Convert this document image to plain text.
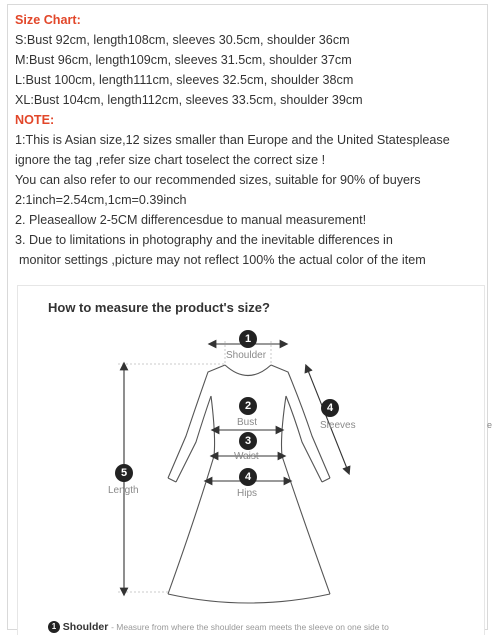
Size Chart:
S:Bust 92cm, length108cm, sleeves 30.5cm, shoulder 36cm
M:Bust 96cm, length109cm, sleeves 31.5cm, shoulder 37cm
L:Bust 100cm, length111cm, sleeves 32.5cm, shoulder 38cm
XL:Bust 104cm, length112cm, sleeves 33.5cm, shoulder 39cm
NOTE:
1:This is Asian size,12 sizes smaller than Europe and the United Statesplease
ignore the tag ,refer size chart toselect the correct size !
You can also refer to our recommended sizes, suitable for 90% of buyers
2:1inch=2.54cm,1cm=0.39inch
2. Pleaseallow 2-5CM differencesdue to manual measurement!
3. Due to limitations in photography and the inevitable differences in
monitor settings ,picture may not reflect 100% the actual color of the item
How to measure the product's size?
1
Shoulder
2
Bust
3
Waist
4
Hips
4
Sleeves
5
Length
1 Shoulder - Measure from where the shoulder seam meets the sleeve on one side to
e
